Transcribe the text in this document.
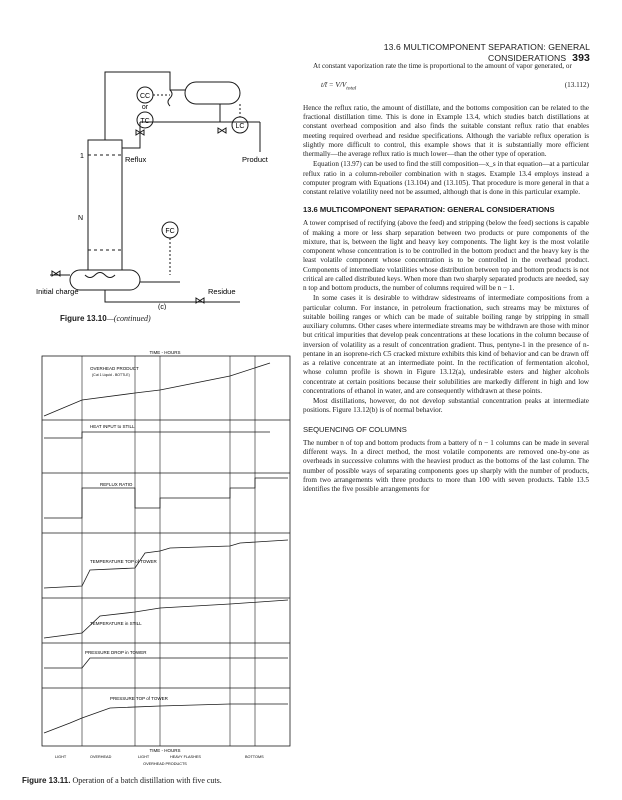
13.6 MULTICOMPONENT SEPARATION: GENERAL CONSIDERATIONS 393
CC
or
TC
LC
FC
1
N
Reflux	Product
Initial charge	Residue
(c)
Figure 13.10—(continued)
TIME - HOURS
OVERHEAD PRODUCT
(Cut 1 Liquid - BOTTLE)
HEAT INPUT to STILL
REFLUX RATIO
TEMPERATURE TOP of TOWER
TEMPERATURE in STILL
PRESSURE DROP in TOWER
PRESSURE TOP of TOWER
TIME - HOURS
LIGHT	OVERHEAD	LIGHT	HEAVY FLASHES	BOTTOMS
OVERHEAD PRODUCTS
Figure 13.11. Operation of a batch distillation with five cuts.

At constant vaporization rate the time is proportional to the amount of vapor generated, or

t/t̄ = $V/V_{total}$	(13.112)

Hence the reflux ratio, the amount of distillate, and the bottoms composition can be related to the fractional distillation time. This is done in Example 13.4, which studies batch distillations at constant overhead composition and also finds the suitable constant reflux ratio that enables meeting required overhead and residue specifications. Although the variable reflux operation is slightly more difficult to control, this example shows that it is substantially more efficient thermally—the average reflux ratio is much lower—than the other type of operation.

Equation (13.97) can be used to find the still composition—x_s in that equation—at a particular reflux ratio in a column-reboiler combination with n stages. Example 13.4 employs instead a computer program with Equations (13.104) and (13.105). That procedure is more general in that a constant relative volatility need not be assumed, although that is done in this particular example.

13.6 MULTICOMPONENT SEPARATION: GENERAL CONSIDERATIONS

A tower comprised of rectifying (above the feed) and stripping (below the feed) sections is capable of making a more or less sharp separation between two products or pure components of the mixture, that is, between the light and heavy key components. The light key is the most volatile component whose concentration is to be controlled in the bottom product and the heavy key is the least volatile component whose concentration is to be controlled in the overhead product. Components of intermediate volatilities whose distribution between top and bottom products is not critical are called distributed keys. When more than two sharply separated products are needed, say n top and bottom products, the number of columns required will be n − 1.

In some cases it is desirable to withdraw sidestreams of intermediate compositions from a particular column. For instance, in petroleum fractionation, such streams may be mixtures of suitable boiling ranges or which can be made of suitable boiling range by stripping in small auxiliary columns. Other cases where intermediate streams may be withdrawn are those with minor but critical impurities that develop peak concentrations at these locations in the column because of inversion of volatility as a result of concentration gradient. Thus, pentyne-1 in the presence of n-pentane in an isoprene-rich C5 cracked mixture exhibits this kind of behavior and can be drawn off as a relative concentrate at an intermediate point. In the rectification of fermentation alcohol, whose column profile is shown in Figure 13.12(a), undesirable esters and higher alcohols concentrate at certain positions because their solubilities are markedly different in high and low concentrations of ethanol in water, and are consequently withdrawn at these points.

Most distillations, however, do not develop substantial concentration peaks at intermediate positions. Figure 13.12(b) is of normal behavior.

SEQUENCING OF COLUMNS

The number n of top and bottom products from a battery of n − 1 columns can be made in several different ways. In a direct method, the most volatile components are removed one-by-one as overheads in successive columns with the heaviest product as the bottoms of the last column. The number of possible ways of separating components goes up sharply with the number of products, from two arrangements with three products to more than 100 with seven products. Table 13.5 identifies the five possible arrangements for
